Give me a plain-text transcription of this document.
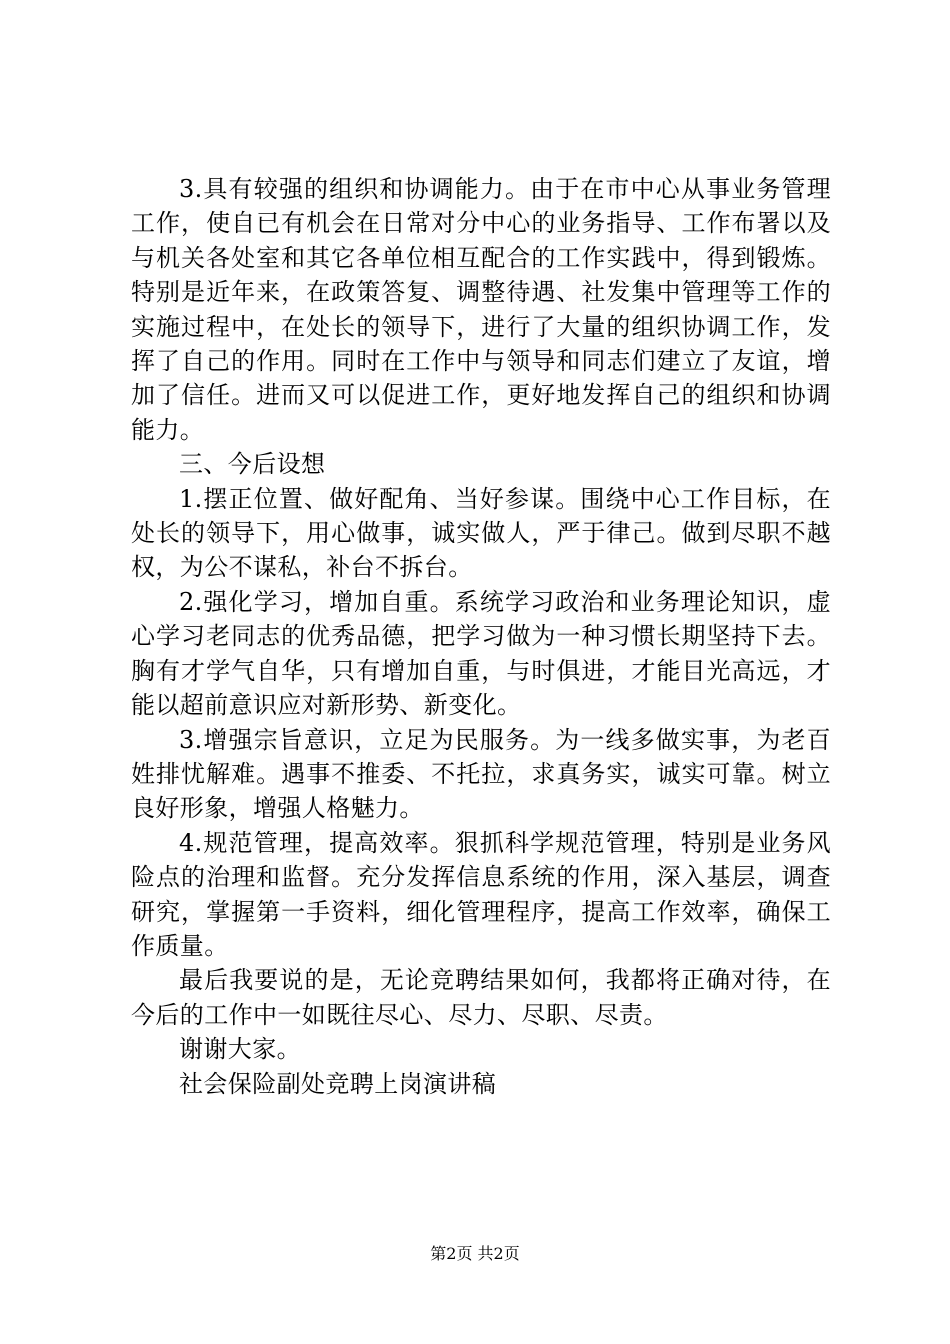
3.具有较强的组织和协调能力。由于在市中心从事业务管理工作，使自已有机会在日常对分中心的业务指导、工作布署以及与机关各处室和其它各单位相互配合的工作实践中，得到锻炼。特别是近年来，在政策答复、调整待遇、社发集中管理等工作的实施过程中，在处长的领导下，进行了大量的组织协调工作，发挥了自己的作用。同时在工作中与领导和同志们建立了友谊，增加了信任。进而又可以促进工作，更好地发挥自己的组织和协调能力。

三、今后设想

1.摆正位置、做好配角、当好参谋。围绕中心工作目标，在处长的领导下，用心做事，诚实做人，严于律己。做到尽职不越权，为公不谋私，补台不拆台。

2.强化学习，增加自重。系统学习政治和业务理论知识，虚心学习老同志的优秀品德，把学习做为一种习惯长期坚持下去。胸有才学气自华，只有增加自重，与时俱进，才能目光高远，才能以超前意识应对新形势、新变化。

3.增强宗旨意识，立足为民服务。为一线多做实事，为老百姓排忧解难。遇事不推委、不托拉，求真务实，诚实可靠。树立良好形象，增强人格魅力。

4.规范管理，提高效率。狠抓科学规范管理，特别是业务风险点的治理和监督。充分发挥信息系统的作用，深入基层，调查研究，掌握第一手资料，细化管理程序，提高工作效率，确保工作质量。

最后我要说的是，无论竞聘结果如何，我都将正确对待，在今后的工作中一如既往尽心、尽力、尽职、尽责。

谢谢大家。

社会保险副处竞聘上岗演讲稿

第2页 共2页
